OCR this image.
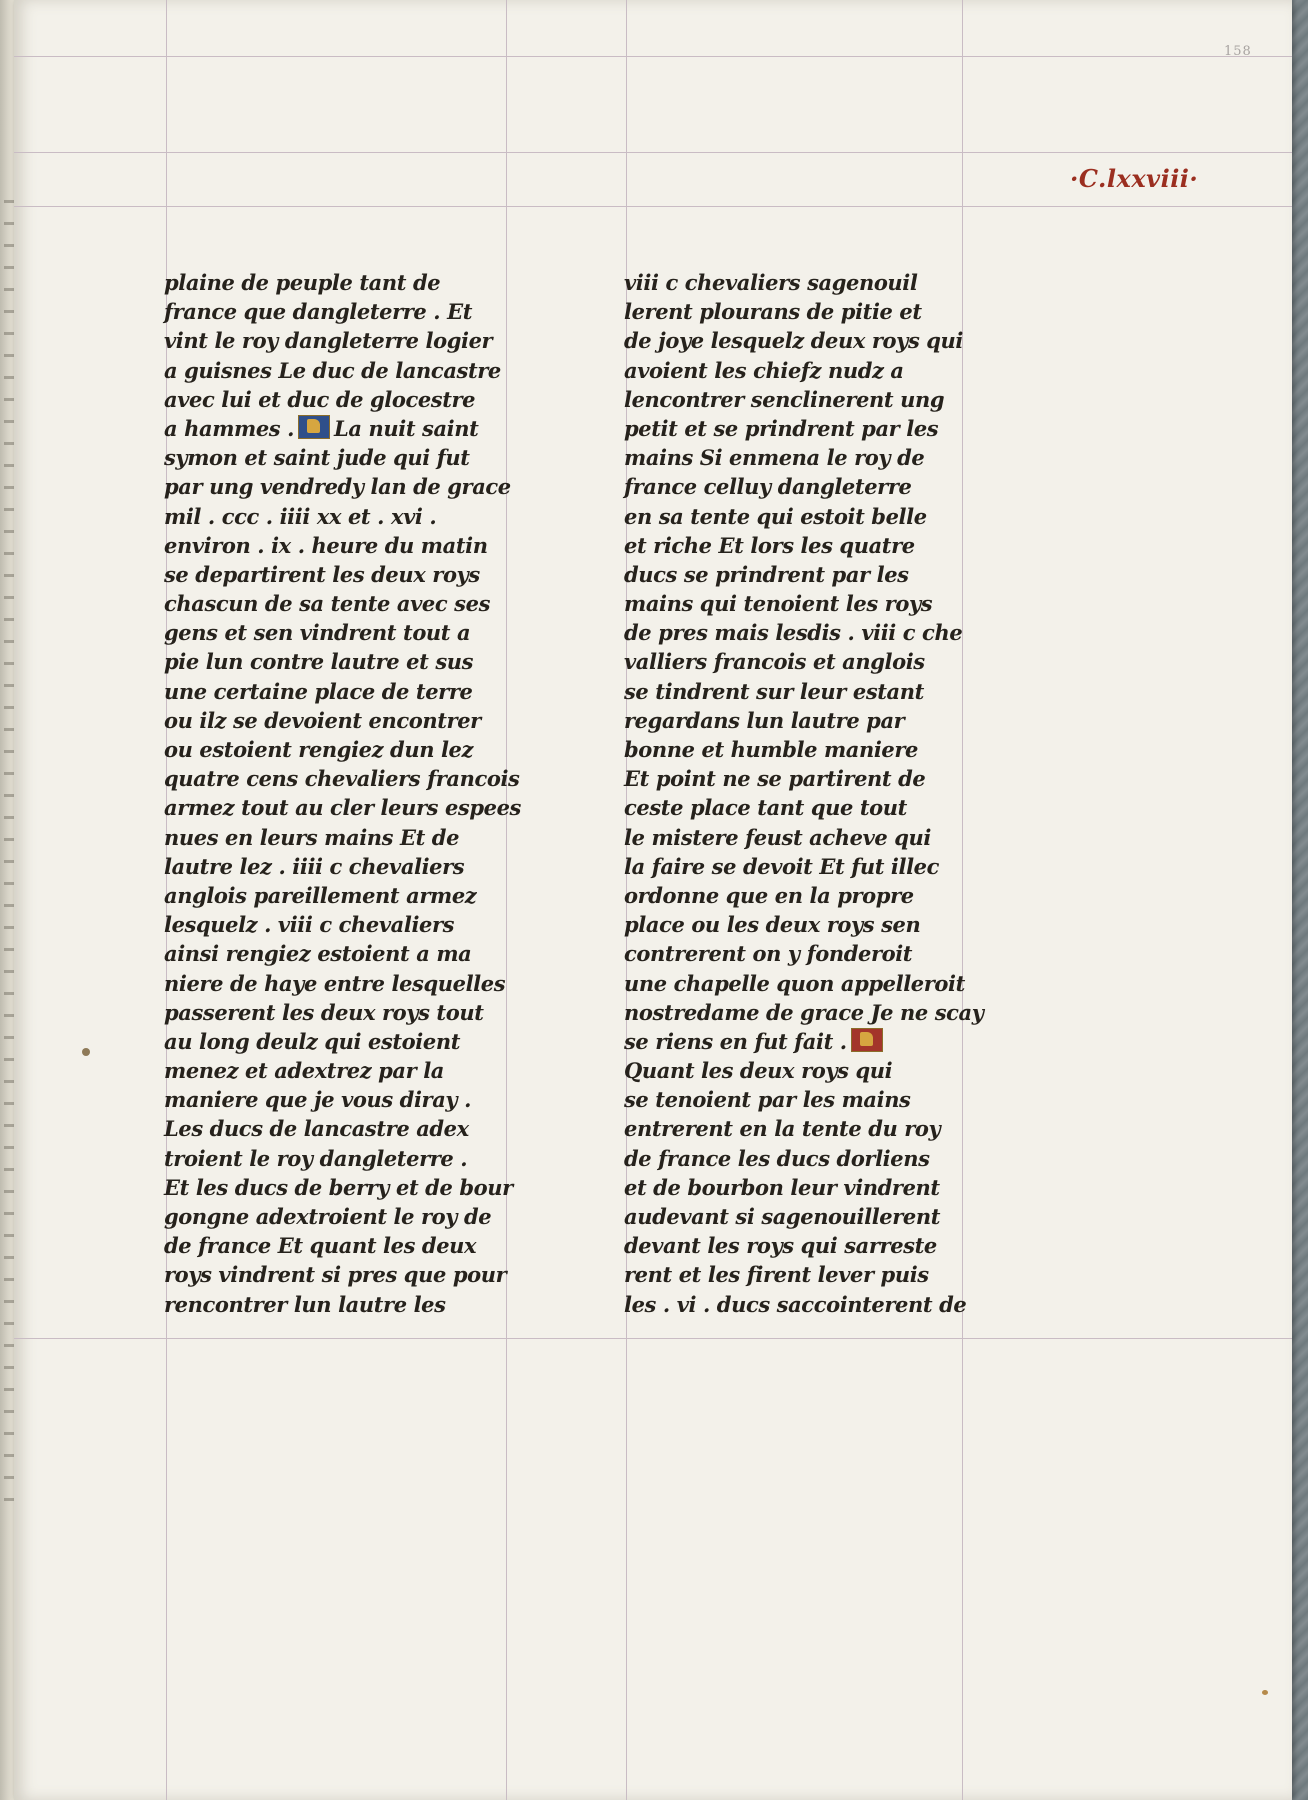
158
·C.lxxviii·
plaine de peuple tant de
france que dangleterre . Et
vint le roy dangleterre logier
a guisnes Le duc de lancastre
avec lui et duc de glocestre
a hammes . La nuit saint
symon et saint jude qui fut
par ung vendredy lan de grace
mil . ccc . iiii xx et . xvi .
environ . ix . heure du matin
se departirent les deux roys
chascun de sa tente avec ses
gens et sen vindrent tout a
pie lun contre lautre et sus
une certaine place de terre
ou ilz se devoient encontrer
ou estoient rengiez dun lez
quatre cens chevaliers francois
armez tout au cler leurs espees
nues en leurs mains Et de
lautre lez . iiii c chevaliers
anglois pareillement armez
lesquelz . viii c chevaliers
ainsi rengiez estoient a ma
niere de haye entre lesquelles
passerent les deux roys tout
au long deulz qui estoient
menez et adextrez par la
maniere que je vous diray .
Les ducs de lancastre adex
troient le roy dangleterre .
Et les ducs de berry et de bour
gongne adextroient le roy de
de france Et quant les deux
roys vindrent si pres que pour
rencontrer lun lautre les
viii c chevaliers sagenouil
lerent plourans de pitie et
de joye lesquelz deux roys qui
avoient les chiefz nudz a
lencontrer senclinerent ung
petit et se prindrent par les
mains Si enmena le roy de
france celluy dangleterre
en sa tente qui estoit belle
et riche Et lors les quatre
ducs se prindrent par les
mains qui tenoient les roys
de pres mais lesdis . viii c che
valliers francois et anglois
se tindrent sur leur estant
regardans lun lautre par
bonne et humble maniere
Et point ne se partirent de
ceste place tant que tout
le mistere feust acheve qui
la faire se devoit Et fut illec
ordonne que en la propre
place ou les deux roys sen
contrerent on y fonderoit
une chapelle quon appelleroit
nostredame de grace Je ne scay
se riens en fut fait .
Quant les deux roys qui
se tenoient par les mains
entrerent en la tente du roy
de france les ducs dorliens
et de bourbon leur vindrent
audevant si sagenouillerent
devant les roys qui sarreste
rent et les firent lever puis
les . vi . ducs saccointerent de
